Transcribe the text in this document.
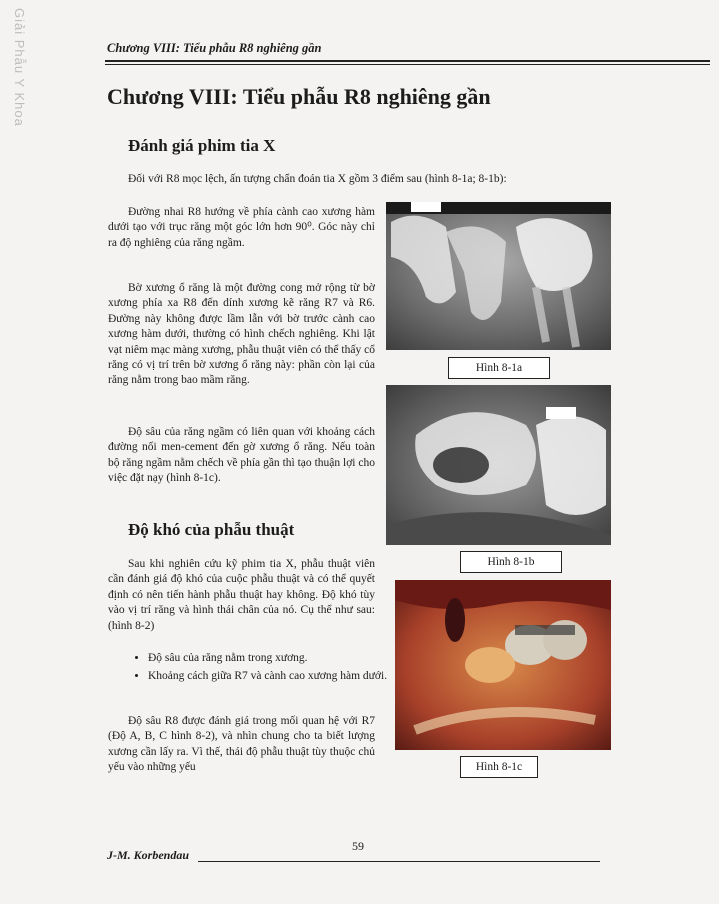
Giải Phẫu Y Khoa	Chương VIII: Tiểu phẫu R8 nghiêng gần
Chương VIII: Tiểu phẫu R8 nghiêng gần
Đánh giá phim tia X
Đối với R8 mọc lệch, ấn tượng chẩn đoán tia X gồm 3 điểm sau (hình 8-1a; 8-1b):

Đường nhai R8 hướng về phía cành cao xương hàm dưới tạo với trục răng một góc lớn hơn 90⁰. Góc này chỉ ra độ nghiêng của răng ngầm.

Bờ xương ổ răng là một đường cong mở rộng từ bờ xương phía xa R8 đến dính xương kẽ răng R7 và R6. Đường này không được lầm lẫn với bờ trước cành cao xương hàm dưới, thường có hình chếch nghiêng. Khi lật vạt niêm mạc màng xương, phẫu thuật viên có thể thấy cổ răng có vị trí trên bờ xương ổ răng này: phần còn lại của răng nằm trong bao mầm răng.

Độ sâu của răng ngầm có liên quan với khoảng cách đường nối men-cement đến gờ xương ổ răng. Nếu toàn bộ răng ngầm nằm chếch về phía gần thì tạo thuận lợi cho việc đặt nạy (hình 8-1c).

Độ khó của phẫu thuật

Sau khi nghiên cứu kỹ phim tia X, phẫu thuật viên cần đánh giá độ khó của cuộc phẫu thuật và có thể quyết định có nên tiến hành phẫu thuật hay không. Độ khó tùy vào vị trí răng và hình thái chân của nó. Cụ thể như sau: (hình 8-2)

• Độ sâu của răng nằm trong xương.
• Khoảng cách giữa R7 và cành cao xương hàm dưới.

Độ sâu R8 được đánh giá trong mối quan hệ với R7 (Độ A, B, C hình 8-2), và nhìn chung cho ta biết lượng xương cần lấy ra. Vì thế, thái độ phẫu thuật tùy thuộc chủ yếu vào những yếu

Hình 8-1a
Hình 8-1b
Hình 8-1c
59
J-M. Korbendau
